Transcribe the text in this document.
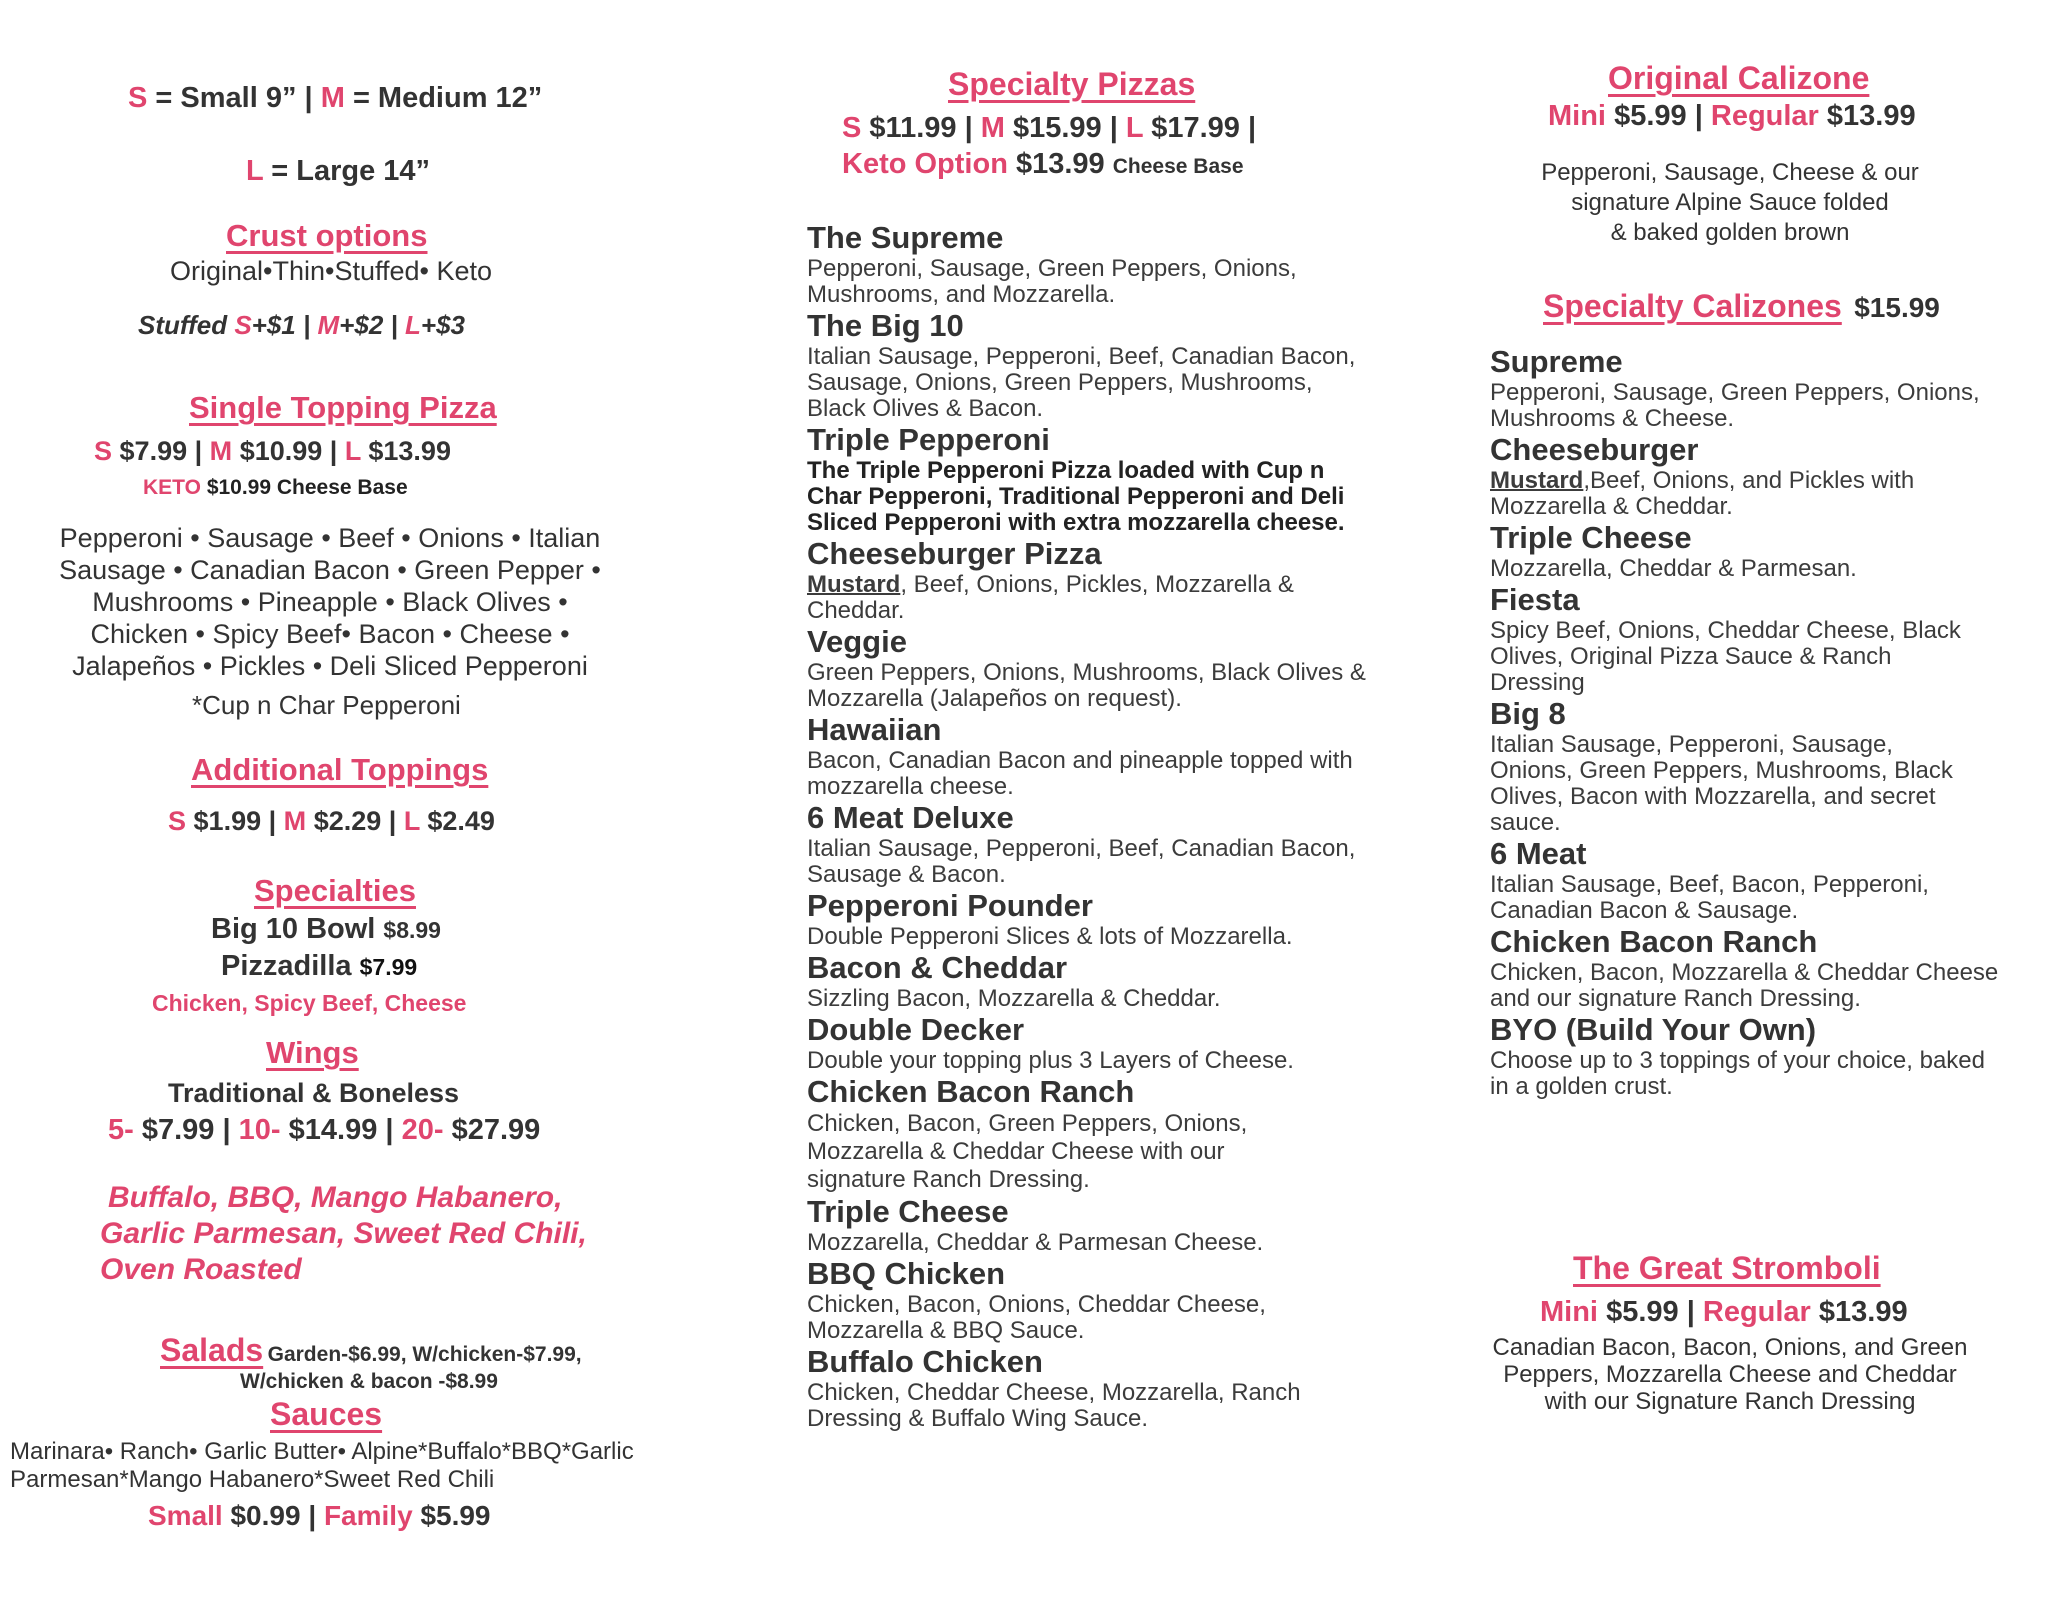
S = Small 9” | M = Medium 12”
L = Large 14”
Crust options
Original•Thin•Stuffed• Keto
Stuffed S+$1 | M+$2 | L+$3
Single Topping Pizza
S $7.99 | M $10.99 | L $13.99
KETO $10.99 Cheese Base
Pepperoni • Sausage • Beef • Onions • Italian
Sausage • Canadian Bacon • Green Pepper •
Mushrooms • Pineapple • Black Olives •
Chicken • Spicy Beef• Bacon • Cheese •
Jalapeños • Pickles • Deli Sliced Pepperoni
*Cup n Char Pepperoni
Additional Toppings
S $1.99 | M $2.29 | L $2.49
Specialties
Big 10 Bowl $8.99
Pizzadilla $7.99
Chicken, Spicy Beef, Cheese
Wings
Traditional & Boneless
5- $7.99 | 10- $14.99 | 20- $27.99
Buffalo, BBQ, Mango Habanero,
Garlic Parmesan, Sweet Red Chili,
Oven Roasted
Salads Garden-$6.99, W/chicken-$7.99,
W/chicken & bacon -$8.99
Sauces
Marinara• Ranch• Garlic Butter• Alpine*Buffalo*BBQ*Garlic
Parmesan*Mango Habanero*Sweet Red Chili
Small $0.99 | Family $5.99
Specialty Pizzas
S $11.99 | M $15.99 | L $17.99 |
Keto Option $13.99 Cheese Base
The Supreme
Pepperoni, Sausage, Green Peppers, Onions, Mushrooms, and Mozzarella.
The Big 10
Italian Sausage, Pepperoni, Beef, Canadian Bacon, Sausage, Onions, Green Peppers, Mushrooms, Black Olives & Bacon.
Triple Pepperoni
The Triple Pepperoni Pizza loaded with Cup n Char Pepperoni, Traditional Pepperoni and Deli Sliced Pepperoni with extra mozzarella cheese.
Cheeseburger Pizza
Mustard, Beef, Onions, Pickles, Mozzarella & Cheddar.
Veggie
Green Peppers, Onions, Mushrooms, Black Olives & Mozzarella (Jalapeños on request).
Hawaiian
Bacon, Canadian Bacon and pineapple topped with mozzarella cheese.
6 Meat Deluxe
Italian Sausage, Pepperoni, Beef, Canadian Bacon, Sausage & Bacon.
Pepperoni Pounder
Double Pepperoni Slices & lots of Mozzarella.
Bacon & Cheddar
Sizzling Bacon, Mozzarella & Cheddar.
Double Decker
Double your topping plus 3 Layers of Cheese.
Chicken Bacon Ranch
Chicken, Bacon, Green Peppers, Onions, Mozzarella & Cheddar Cheese with our signature Ranch Dressing.
Triple Cheese
Mozzarella, Cheddar & Parmesan Cheese.
BBQ Chicken
Chicken, Bacon, Onions, Cheddar Cheese, Mozzarella & BBQ Sauce.
Buffalo Chicken
Chicken, Cheddar Cheese, Mozzarella, Ranch Dressing & Buffalo Wing Sauce.
Original Calizone
Mini $5.99 | Regular $13.99
Pepperoni, Sausage, Cheese & our
signature Alpine Sauce folded
& baked golden brown
Specialty Calizones $15.99
Supreme
Pepperoni, Sausage, Green Peppers, Onions, Mushrooms & Cheese.
Cheeseburger
Mustard,Beef, Onions, and Pickles with Mozzarella & Cheddar.
Triple Cheese
Mozzarella, Cheddar & Parmesan.
Fiesta
Spicy Beef, Onions, Cheddar Cheese, Black Olives, Original Pizza Sauce & Ranch Dressing
Big 8
Italian Sausage, Pepperoni, Sausage, Onions, Green Peppers, Mushrooms, Black Olives, Bacon with Mozzarella, and secret sauce.
6 Meat
Italian Sausage, Beef, Bacon, Pepperoni, Canadian Bacon & Sausage.
Chicken Bacon Ranch
Chicken, Bacon, Mozzarella & Cheddar Cheese and our signature Ranch Dressing.
BYO (Build Your Own)
Choose up to 3 toppings of your choice, baked in a golden crust.
The Great Stromboli
Mini $5.99 | Regular $13.99
Canadian Bacon, Bacon, Onions, and Green
Peppers, Mozzarella Cheese and Cheddar
with our Signature Ranch Dressing
